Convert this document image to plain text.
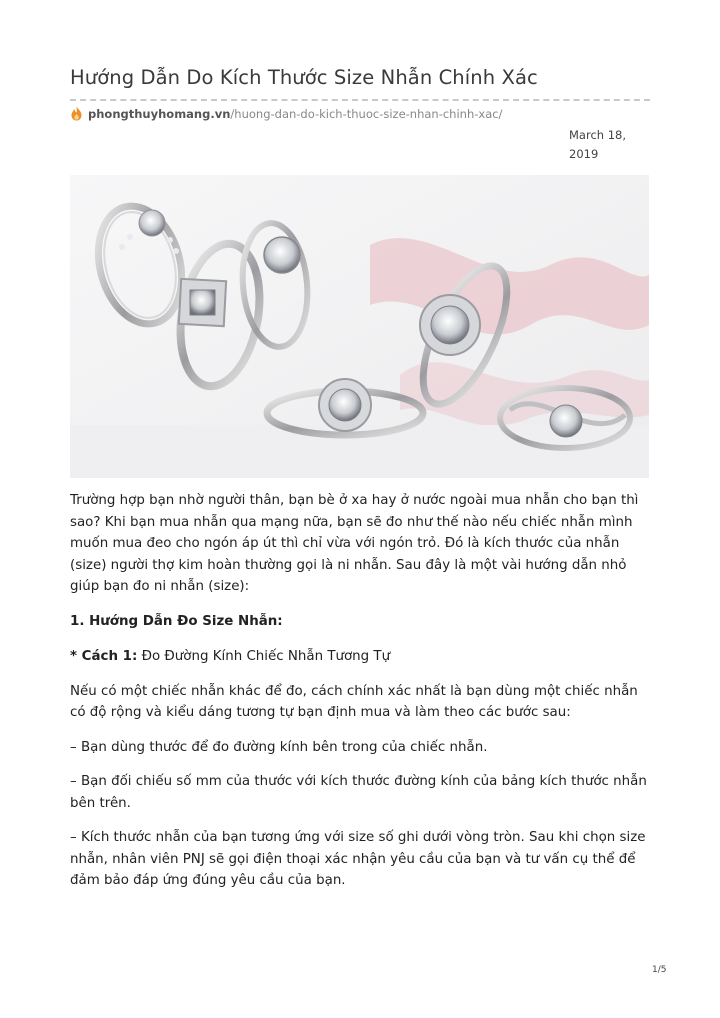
Hướng Dẫn Do Kích Thước Size Nhẫn Chính Xác
phongthuyhomang.vn /huong-dan-do-kich-thuoc-size-nhan-chinh-xac/
March 18,
2019

Trường hợp bạn nhờ người thân, bạn bè ở xa hay ở nước ngoài mua nhẫn cho bạn thì sao? Khi bạn mua nhẫn qua mạng nữa, bạn sẽ đo như thế nào nếu chiếc nhẫn mình muốn mua đeo cho ngón áp út thì chỉ vừa với ngón trỏ. Đó là kích thước của nhẫn (size) người thợ kim hoàn thường gọi là ni nhẫn. Sau đây là một vài hướng dẫn nhỏ giúp bạn đo ni nhẫn (size):

1. Hướng Dẫn Đo Size Nhẫn:

* Cách 1: Đo Đường Kính Chiếc Nhẫn Tương Tự

Nếu có một chiếc nhẫn khác để đo, cách chính xác nhất là bạn dùng một chiếc nhẫn có độ rộng và kiểu dáng tương tự bạn định mua và làm theo các bước sau:

– Bạn dùng thước để đo đường kính bên trong của chiếc nhẫn.

– Bạn đối chiếu số mm của thước với kích thước đường kính của bảng kích thước nhẫn bên trên.

– Kích thước nhẫn của bạn tương ứng với size số ghi dưới vòng tròn. Sau khi chọn size nhẫn, nhân viên PNJ sẽ gọi điện thoại xác nhận yêu cầu của bạn và tư vấn cụ thể để đảm bảo đáp ứng đúng yêu cầu của bạn.

1/5
